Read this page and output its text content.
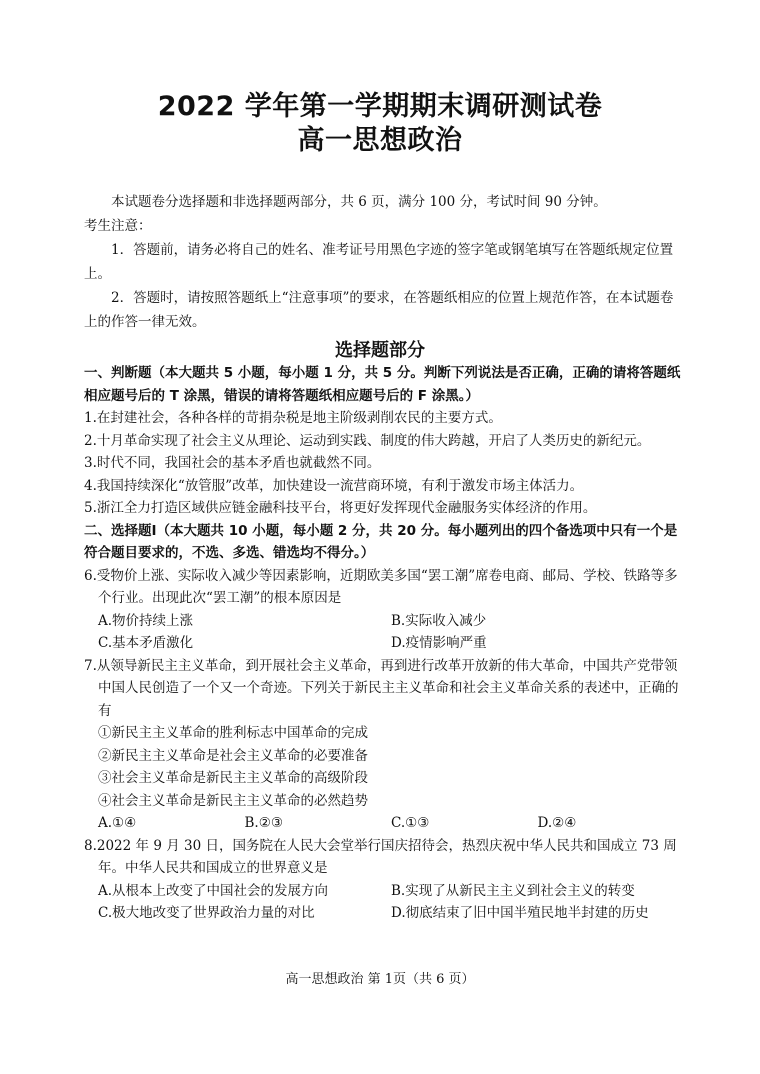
2022 学年第一学期期末调研测试卷
高一思想政治

本试题卷分选择题和非选择题两部分，共 6 页，满分 100 分，考试时间 90 分钟。

考生注意：

1．答题前，请务必将自己的姓名、准考证号用黑色字迹的签字笔或钢笔填写在答题纸规定位置上。

2．答题时，请按照答题纸上“注意事项”的要求，在答题纸相应的位置上规范作答，在本试题卷上的作答一律无效。

选择题部分
一、判断题（本大题共 5 小题，每小题 1 分，共 5 分。判断下列说法是否正确，正确的请将答题纸相应题号后的 T 涂黑，错误的请将答题纸相应题号后的 F 涂黑。）
1.在封建社会，各种各样的苛捐杂税是地主阶级剥削农民的主要方式。
2.十月革命实现了社会主义从理论、运动到实践、制度的伟大跨越，开启了人类历史的新纪元。
3.时代不同，我国社会的基本矛盾也就截然不同。
4.我国持续深化“放管服”改革，加快建设一流营商环境，有利于激发市场主体活力。
5.浙江全力打造区域供应链金融科技平台，将更好发挥现代金融服务实体经济的作用。
二、选择题Ⅰ（本大题共 10 小题，每小题 2 分，共 20 分。每小题列出的四个备选项中只有一个是符合题目要求的，不选、多选、错选均不得分。）
6.受物价上涨、实际收入减少等因素影响，近期欧美多国“罢工潮”席卷电商、邮局、学校、铁路等多个行业。出现此次“罢工潮”的根本原因是
A.物价持续上涨	B.实际收入减少
C.基本矛盾激化	D.疫情影响严重
7.从领导新民主主义革命，到开展社会主义革命，再到进行改革开放新的伟大革命，中国共产党带领中国人民创造了一个又一个奇迹。下列关于新民主主义革命和社会主义革命关系的表述中，正确的有
①新民主主义革命的胜利标志中国革命的完成
②新民主主义革命是社会主义革命的必要准备
③社会主义革命是新民主主义革命的高级阶段
④社会主义革命是新民主主义革命的必然趋势
A.①④	B.②③	C.①③	D.②④
8.2022 年 9 月 30 日，国务院在人民大会堂举行国庆招待会，热烈庆祝中华人民共和国成立 73 周年。中华人民共和国成立的世界意义是
A.从根本上改变了中国社会的发展方向	B.实现了从新民主主义到社会主义的转变
C.极大地改变了世界政治力量的对比	D.彻底结束了旧中国半殖民地半封建的历史
高一思想政治 第 1页（共 6 页）
